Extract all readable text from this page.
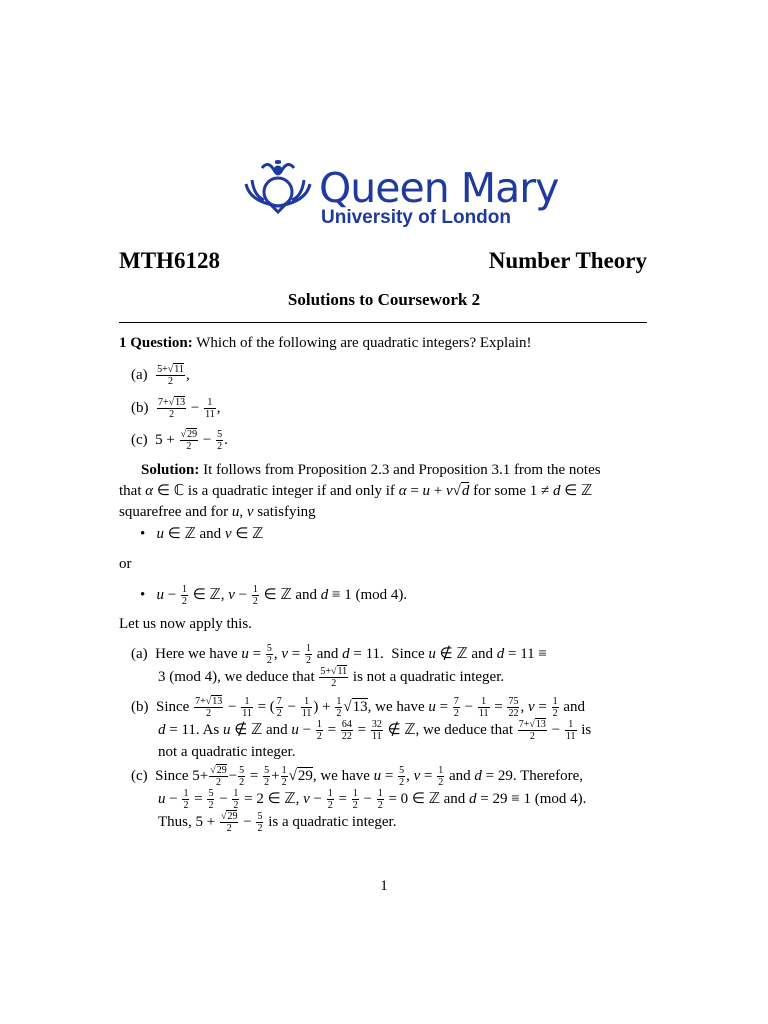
Queen Mary
University of London
MTH6128	Number Theory
Solutions to Coursework 2
1 Question: Which of the following are quadratic integers? Explain!
$(a) \frac{5+√11}{2}$ ,
$(b) \frac{7+√13}{2} - \frac{1}{11}$ ,
(c)  $5 + \frac{√29}{2} - \frac{5}{2}$ .
Solution: It follows from Proposition 2.3 and Proposition 3.1 from the notes
that α ∈ ℂ is a quadratic integer if and only if α = u + v√d for some 1 ≠ d ∈ ℤ
squarefree and for u, v satisfying
•   u ∈ ℤ and v ∈ ℤ
or
•   $u - \frac{1}{2}$ ∈ ℤ, $v - \frac{1}{2}$ ∈ ℤ and d ≡ 1 (mod 4).
Let us now apply this.
(a)  Here we have $u = \frac{5}{2}$ , $v = \frac{1}{2}$ and d = 11.  Since u ∉ ℤ and d = 11 ≡
3 (mod 4), we deduce that $\frac{5+√11}{2}$ is not a quadratic integer.
(b)  Since $\frac{7+√13}{2} - \frac{1}{11}$ = ( $\frac{7}{2} - \frac{1}{11}$ ) + $\frac{1}{2} √13$, we have $u = \frac{7}{2} - \frac{1}{11} = \frac{75}{22}$ , $v = \frac{1}{2}$ and
d = 11. As u ∉ ℤ and $u - \frac{1}{2} = \frac{64}{22} = \frac{32}{11}$ ∉ ℤ, we deduce that $\frac{7+√13}{2} - \frac{1}{11}$ is
not a quadratic integer.
(c)  Since $5+ \frac{√29}{2} - \frac{5}{2} = \frac{5}{2} + \frac{1}{2} √29$, we have $u = \frac{5}{2}$ , $v = \frac{1}{2}$ and d = 29. Therefore,
$u - \frac{1}{2} = \frac{5}{2} - \frac{1}{2} = 2$ ∈ ℤ, $v - \frac{1}{2} = \frac{1}{2} - \frac{1}{2} = 0$ ∈ ℤ and d = 29 ≡ 1 (mod 4).
Thus, $5 + \frac{√29}{2} - \frac{5}{2}$ is a quadratic integer.
1
